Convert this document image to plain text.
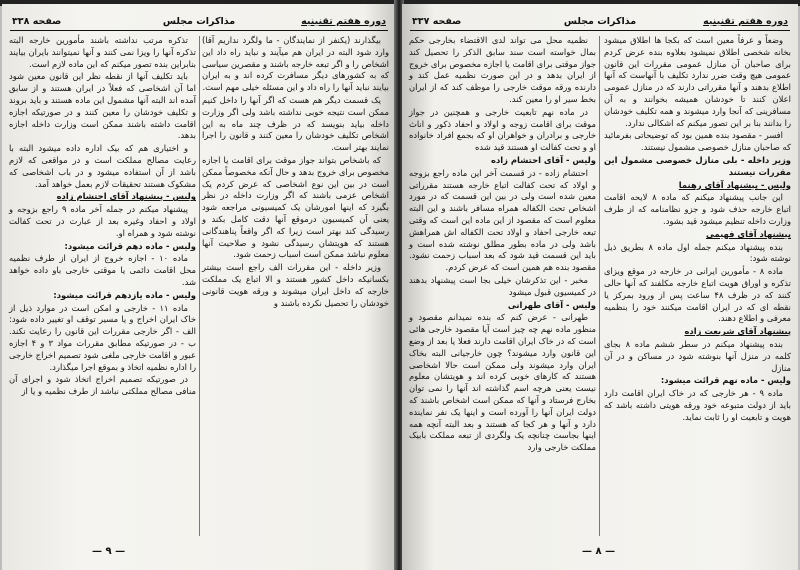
دوره هفتم تقنینیه
مذاکرات مجلس
صفحه ۳۳۸

بیگذارند (یکنفر از نمایندگان - ما ولگرد نداریم آقا) وارد شود البته در ایران هم میآیند و نباید راه داد این اشخاص را و اگر تبعه خارجه باشند و مقصرین سیاسی که به کشورهای دیگر مسافرت کرده اند و به ایران بیایند نباید آنها را راه داد و این مسئله خیلی مهم است.

یک قسمت دیگر هم هست که اگر آنها را داخل کنیم ممکن است نتیجه خوبی نداشته باشد ولی اگر وزارت داخله بیاید بنویسد که در ظرف چند ماه به این اشخاص تکلیف خودشان را معین کنند و قانون را اجرا نمایند بهتر است.

که باشخاص بتواند جواز موقت برای اقامت یا اجازه مخصوص برای خروج بدهد و حال آنکه مخصوصاً ممکن است در بین این نوع اشخاصی که عرض کردم یک اشخاص عزمی باشند که اگر وزارت داخله در نظر بگیرد که اینها امورشان یک کمیسیونی مراجعه شود یعنی آن کمیسیون درموقع آنها دقت کامل بکند و رسیدگی کند بهتر است زیرا که اگر واقعاً پناهندگانی هستند که هویتشان رسیدگی نشود و صلاحیت آنها معلوم نباشد ممکن است اسباب زحمت شود.

وزیر داخله - این مقررات الف راجع است بیشتر بکسانیکه داخل کشور هستند و الا اتباع یک مملکت خارجه که داخل ایران میشوند و ورقه هویت قانونی خودشان را تحصیل نکرده باشند و

تذکره مرتب نداشته باشند مأمورین خارجه البته تذکره آنها را ویزا نمی کنند و آنها نمیتوانند بایران بیایند بنابراین بنده تصور میکنم که این ماده لازم است.

باید تکلیف آنها از نقطه نظر این قانون معین شود اما آن اشخاصی که فعلاً در ایران هستند و از سابق آمده اند البته آنها مشمول این ماده هستند و باید بروند و تکلیف خودشان را معین کنند و در صورتیکه اجازه اقامت داشته باشند ممکن است وزارت داخله اجازه بدهد.

و اختیاری هم که بیک اداره داده میشود البته با رعایت مصالح مملکت است و در مواقعی که لازم باشد از آن استفاده میشود و در باب اشخاصی که مشکوک هستند تحقیقات لازم بعمل خواهد آمد.

ولیس - پیشنهاد آقای احتشام زاده

پیشنهاد میکنم در جمله آخر ماده ۹ راجع بزوجه و اولاد و احفاد وغیره بعد از عبارت در تحت کفالت نوشته شود و همراه او.

ولیس - ماده دهم قرائت میشود:

ماده ۱۰ - اجازه خروج از ایران از طرف نظمیه محل اقامت دائمی یا موقتی خارجی باو داده خواهد شد.

ولیس - ماده یازدهم قرائت میشود:

ماده ۱۱ - خارجی و امکن است در موارد ذیل از خاک ایران اخراج و یا مسیر توقف او تغییر داده شود: الف - اگر خارجی مقررات این قانون را رعایت نکند. ب - در صورتیکه مطابق مقررات مواد ۳ و ۴ اجازه عبور و اقامت خارجی ملغی شود تصمیم اخراج خارجی را اداره نظمیه اتخاذ و بموقع اجرا میگذارد.

در صورتیکه تصمیم اخراج اتخاذ شود و اجرای آن منافی مصالح مملکتی نباشد از طرف نظمیه و یا از

— ۹ —
دوره هفتم تقنینیه
مذاکرات مجلس
صفحه ۳۳۷

وضعاً و عرفاً معین است که بکجا ها اطلاق میشود بخانه شخصی اطلاق نمیشود بعلاوه بنده عرض کردم برای صاحبان آن منازل عمومی مقررات این قانون عمومی هیچ وقت ضرر ندارد تکلیف با آنهاست که آنها اطلاع بدهند و آنها مقرراتی دارند که در منازل عمومی اعلان کنند تا خودشان همیشه بخوانند و به آن مسافرینی که آنجا وارد میشوند و همه تکلیف خودشان را بدانند بنا بر این تصور میکنم که اشکالی ندارد.

افسر - مقصود بنده همین بود که توضیحاتی بفرمائید که صاحبان منازل خصوصی مشمول نیستند.

وزیر داخله - بلی منازل خصوصی مشمول این مقررات نیستند

ولیس - پیشنهاد آقای رهنما

این جانب پیشنهاد میکنم که ماده ۸ لایحه اقامت اتباع خارجه حذف شود و جزو نظامنامه که از طرف وزارت داخله تنظیم میشود قید بشود.

پیشنهاد آقای فهیمی

بنده پیشنهاد میکنم جمله اول ماده ۸ بطریق ذیل نوشته شود:

ماده ۸ - مأمورین ایرانی در خارجه در موقع ویزای تذکره و اوراق هویت اتباع خارجه مکلفند که آنها حالی کنند که در ظرف ۴۸ ساعت پس از ورود بمرکز یا نقطه ای که در ایران اقامت میکنند خود را بنظمیه معرفی و اطلاع دهند.

پیشنهاد آقای شریعت زاده

بنده پیشنهاد میکنم در سطر ششم ماده ۸ بجای کلمه در منزل آنها بنوشته شود در مساکن و در آن منازل

ولیس - ماده نهم قرائت میشود:

ماده ۹ - هر خارجی که در خاک ایران اقامت دارد باید از دولت متبوعه خود ورقه هویتی داشته باشد که هویت و تابعیت او را ثابت نماید.

نظمیه محل می تواند لدی الاقتضاء بخارجی حکم بمال خواسته است سند سابق الذکر را تحصیل کند جواز موقتی برای اقامت یا اجازه مخصوص برای خروج از ایران بدهد و در این صورت نظمیه عمل کند و دارنده ورقه موقت خارجی را موظف کند که از ایران بخط سیر او را معین کند.

در ماده نهم تابعیت خارجی و همچنین در جواز موقت برای اقامت زوجه و اولاد و احفاد ذکور و اناث خارجی و برادران و خواهران او که بجمع افراد خانواده او و تحت کفالت او هستند قید شده

ولیس - آقای احتشام زاده

احتشام زاده - در قسمت آخر این ماده راجع بزوجه و اولاد که تحت کفالت اتباع خارجه هستند مقرراتی معین شده است ولی در بین این قسمت که در مورد اشخاص تحت الکفاله همراه مسافر باشند و این البته معلوم است که مقصود از این ماده این است که وقتی تبعه خارجی احفاد و اولاد تحت الکفاله اش همراهش باشد ولی در ماده بطور مطلق نوشته شده است و باید این قسمت قید شود که بعد اسباب زحمت نشود. مقصود بنده هم همین است که عرض کردم.

مخبر - این تذکرشان خیلی بجا است پیشنهاد بدهند در کمیسیون قبول میشود

ولیس - آقای طهرانی

طهرانی - عرض کنم که بنده نمیدانم مقصود و منظور ماده نهم چه چیز است آیا مقصود خارجی هائی است که در خاک ایران اقامت دارند فعلا یا بعد از وضع این قانون وارد میشوند؟ چون خارجیانی البته بخاک ایران وارد میشوند ولی ممکن است حالا اشخاصی هستند که کارهای خوبی کرده اند و هویتشان معلوم نیست یعنی هرچه اسم گذاشته اند آنها را نمی توان بخارج فرستاد و آنها که ممکن است اشخاص باشند که دولت ایران آنها را آورده است و اینها یک نفر نماینده دارد و آنها و هر کجا که هستند و بعد البته آنچه همه اینها بجاست چنانچه یک ولگردی از تبعه مملکت بابیک مملکت خارجی وارد

— ۸ —
